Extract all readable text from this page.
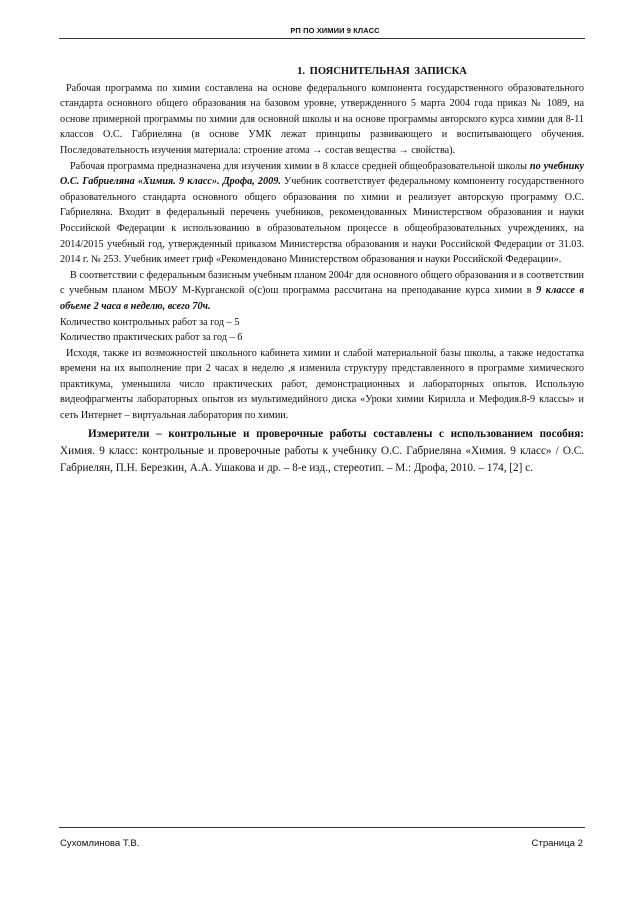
РП ПО ХИМИИ 9 КЛАСС
1. ПОЯСНИТЕЛЬНАЯ ЗАПИСКА

Рабочая программа по химии составлена на основе федерального компонента государственного образовательного стандарта основного общего образования на базовом уровне, утвержденного 5 марта 2004 года приказ № 1089, на основе примерной программы по химии для основной школы и на основе программы авторского курса химии для 8-11 классов О.С. Габриеляна (в основе УМК лежат принципы развивающего и воспитывающего обучения. Последовательность изучения материала: строение атома → состав вещества → свойства).

Рабочая программа предназначена для изучения химии в 8 классе средней общеобразовательной школы по учебнику О.С. Габриеляна «Химия. 9 класс». Дрофа, 2009. Учебник соответствует федеральному компоненту государственного образовательного стандарта основного общего образования по химии и реализует авторскую программу О.С. Габриеляна. Входит в федеральный перечень учебников, рекомендованных Министерством образования и науки Российской Федерации к использованию в образовательном процессе в общеобразовательных учреждениях, на 2014/2015 учебный год, утвержденный приказом Министерства образования и науки Российской Федерации от 31.03. 2014 г. № 253. Учебник имеет гриф «Рекомендовано Министерством образования и науки Российской Федерации».

В соответствии с федеральным базисным учебным планом 2004г для основного общего образования и в соответствии с учебным планом МБОУ М-Курганской о(с)ош программа рассчитана на преподавание курса химии в 9 классе в объеме 2 часа в неделю, всего 70ч.

Количество контрольных работ за год – 5

Количество практических работ за год – 6

Исходя, также из возможностей школьного кабинета химии и слабой материальной базы школы, а также недостатка времени на их выполнение при 2 часах в неделю ,я изменила структуру представленного в программе химического практикума, уменьшила число практических работ, демонстрационных и лабораторных опытов. Использую видеофрагменты лабораторных опытов из мультимедийного диска «Уроки химии Кирилла и Мефодия.8-9 классы» и сеть Интернет – виртуальная лаборатория по химии.

Измерители – контрольные и проверочные работы составлены с использованием пособия: Химия. 9 класс: контрольные и проверочные работы к учебнику О.С. Габриеляна «Химия. 9 класс» / О.С. Габриелян, П.Н. Березкин, А.А. Ушакова и др. – 8-е изд., стереотип. – М.: Дрофа, 2010. – 174, [2] с.

Сухомлинова Т.В.	Страница 2
